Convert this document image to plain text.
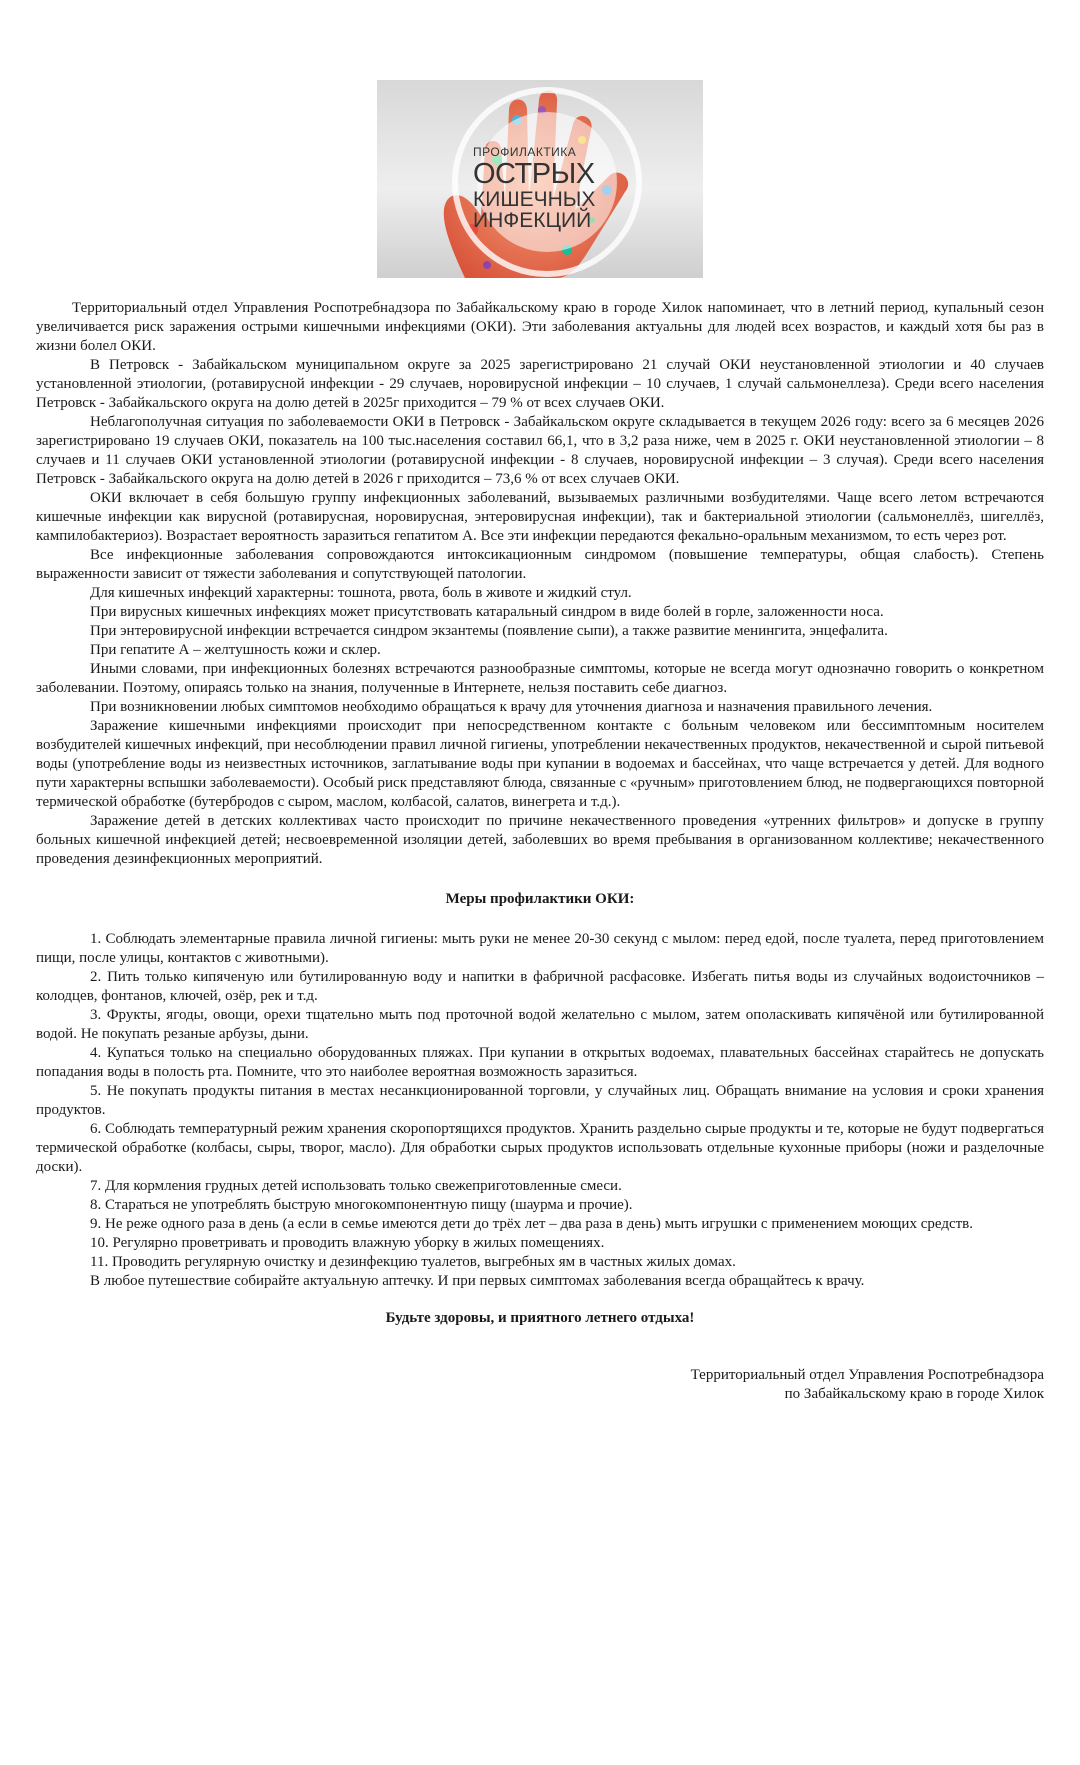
ПРОФИЛАКТИКА
ОСТРЫХ
КИШЕЧНЫХ
ИНФЕКЦИЙ

Территориальный отдел Управления Роспотребнадзора по Забайкальскому краю в городе Хилок напоминает, что в летний период, купальный сезон увеличивается риск заражения острыми кишечными инфекциями (ОКИ). Эти заболевания актуальны для людей всех возрастов, и каждый хотя бы раз в жизни болел ОКИ.

В Петровск - Забайкальском муниципальном округе за 2025 зарегистрировано 21 случай ОКИ неустановленной этиологии и 40 случаев установленной этиологии, (ротавирусной инфекции - 29 случаев, норовирусной инфекции – 10 случаев, 1 случай сальмонеллеза). Среди всего населения Петровск - Забайкальского округа на долю детей в 2025г приходится – 79 % от всех случаев ОКИ.

Неблагополучная ситуация по заболеваемости ОКИ в Петровск - Забайкальском округе складывается в текущем 2026 году: всего за 6 месяцев 2026 зарегистрировано 19 случаев ОКИ, показатель на 100 тыс.населения составил 66,1, что в 3,2 раза ниже, чем в 2025 г. ОКИ неустановленной этиологии – 8 случаев и 11 случаев ОКИ установленной этиологии (ротавирусной инфекции - 8 случаев, норовирусной инфекции – 3 случая). Среди всего населения Петровск - Забайкальского округа на долю детей в 2026 г приходится – 73,6 % от всех случаев ОКИ.

ОКИ включает в себя большую группу инфекционных заболеваний, вызываемых различными возбудителями. Чаще всего летом встречаются кишечные инфекции как вирусной (ротавирусная, норовирусная, энтеровирусная инфекции), так и бактериальной этиологии (сальмонеллёз, шигеллёз, кампилобактериоз). Возрастает вероятность заразиться гепатитом А. Все эти инфекции передаются фекально-оральным механизмом, то есть через рот.

Все инфекционные заболевания сопровождаются интоксикационным синдромом (повышение температуры, общая слабость). Степень выраженности зависит от тяжести заболевания и сопутствующей патологии.

Для кишечных инфекций характерны: тошнота, рвота, боль в животе и жидкий стул.

При вирусных кишечных инфекциях может присутствовать катаральный синдром в виде болей в горле, заложенности носа.

При энтеровирусной инфекции встречается синдром экзантемы (появление сыпи), а также развитие менингита, энцефалита.

При гепатите А – желтушность кожи и склер.

Иными словами, при инфекционных болезнях встречаются разнообразные симптомы, которые не всегда могут однозначно говорить о конкретном заболевании. Поэтому, опираясь только на знания, полученные в Интернете, нельзя поставить себе диагноз.

При возникновении любых симптомов необходимо обращаться к врачу для уточнения диагноза и назначения правильного лечения.

Заражение кишечными инфекциями происходит при непосредственном контакте с больным человеком или бессимптомным носителем возбудителей кишечных инфекций, при несоблюдении правил личной гигиены, употреблении некачественных продуктов, некачественной и сырой питьевой воды (употребление воды из неизвестных источников, заглатывание воды при купании в водоемах и бассейнах, что чаще встречается у детей. Для водного пути характерны вспышки заболеваемости). Особый риск представляют блюда, связанные с «ручным» приготовлением блюд, не подвергающихся повторной термической обработке (бутербродов с сыром, маслом, колбасой, салатов, винегрета и т.д.).

Заражение детей в детских коллективах часто происходит по причине некачественного проведения «утренних фильтров» и допуске в группу больных кишечной инфекцией детей; несвоевременной изоляции детей, заболевших во время пребывания в организованном коллективе; некачественного проведения дезинфекционных мероприятий.

Меры профилактики ОКИ:

1. Соблюдать элементарные правила личной гигиены: мыть руки не менее 20-30 секунд с мылом: перед едой, после туалета, перед приготовлением пищи, после улицы, контактов с животными).

2. Пить только кипяченую или бутилированную воду и напитки в фабричной расфасовке. Избегать питья воды из случайных водоисточников – колодцев, фонтанов, ключей, озёр, рек и т.д.

3. Фрукты, ягоды, овощи, орехи тщательно мыть под проточной водой желательно с мылом, затем ополаскивать кипячёной или бутилированной водой. Не покупать резаные арбузы, дыни.

4. Купаться только на специально оборудованных пляжах. При купании в открытых водоемах, плавательных бассейнах старайтесь не допускать попадания воды в полость рта. Помните, что это наиболее вероятная возможность заразиться.

5. Не покупать продукты питания в местах несанкционированной торговли, у случайных лиц. Обращать внимание на условия и сроки хранения продуктов.

6. Соблюдать температурный режим хранения скоропортящихся продуктов. Хранить раздельно сырые продукты и те, которые не будут подвергаться термической обработке (колбасы, сыры, творог, масло). Для обработки сырых продуктов использовать отдельные кухонные приборы (ножи и разделочные доски).

7. Для кормления грудных детей использовать только свежеприготовленные смеси.

8. Стараться не употреблять быструю многокомпонентную пищу (шаурма и прочие).

9. Не реже одного раза в день (а если в семье имеются дети до трёх лет – два раза в день) мыть игрушки с применением моющих средств.

10. Регулярно проветривать и проводить влажную уборку в жилых помещениях.

11. Проводить регулярную очистку и дезинфекцию туалетов, выгребных ям в частных жилых домах.

В любое путешествие собирайте актуальную аптечку. И при первых симптомах заболевания всегда обращайтесь к врачу.

Будьте здоровы, и приятного летнего отдыха!

Территориальный отдел Управления Роспотребнадзора

по Забайкальскому краю в городе Хилок
